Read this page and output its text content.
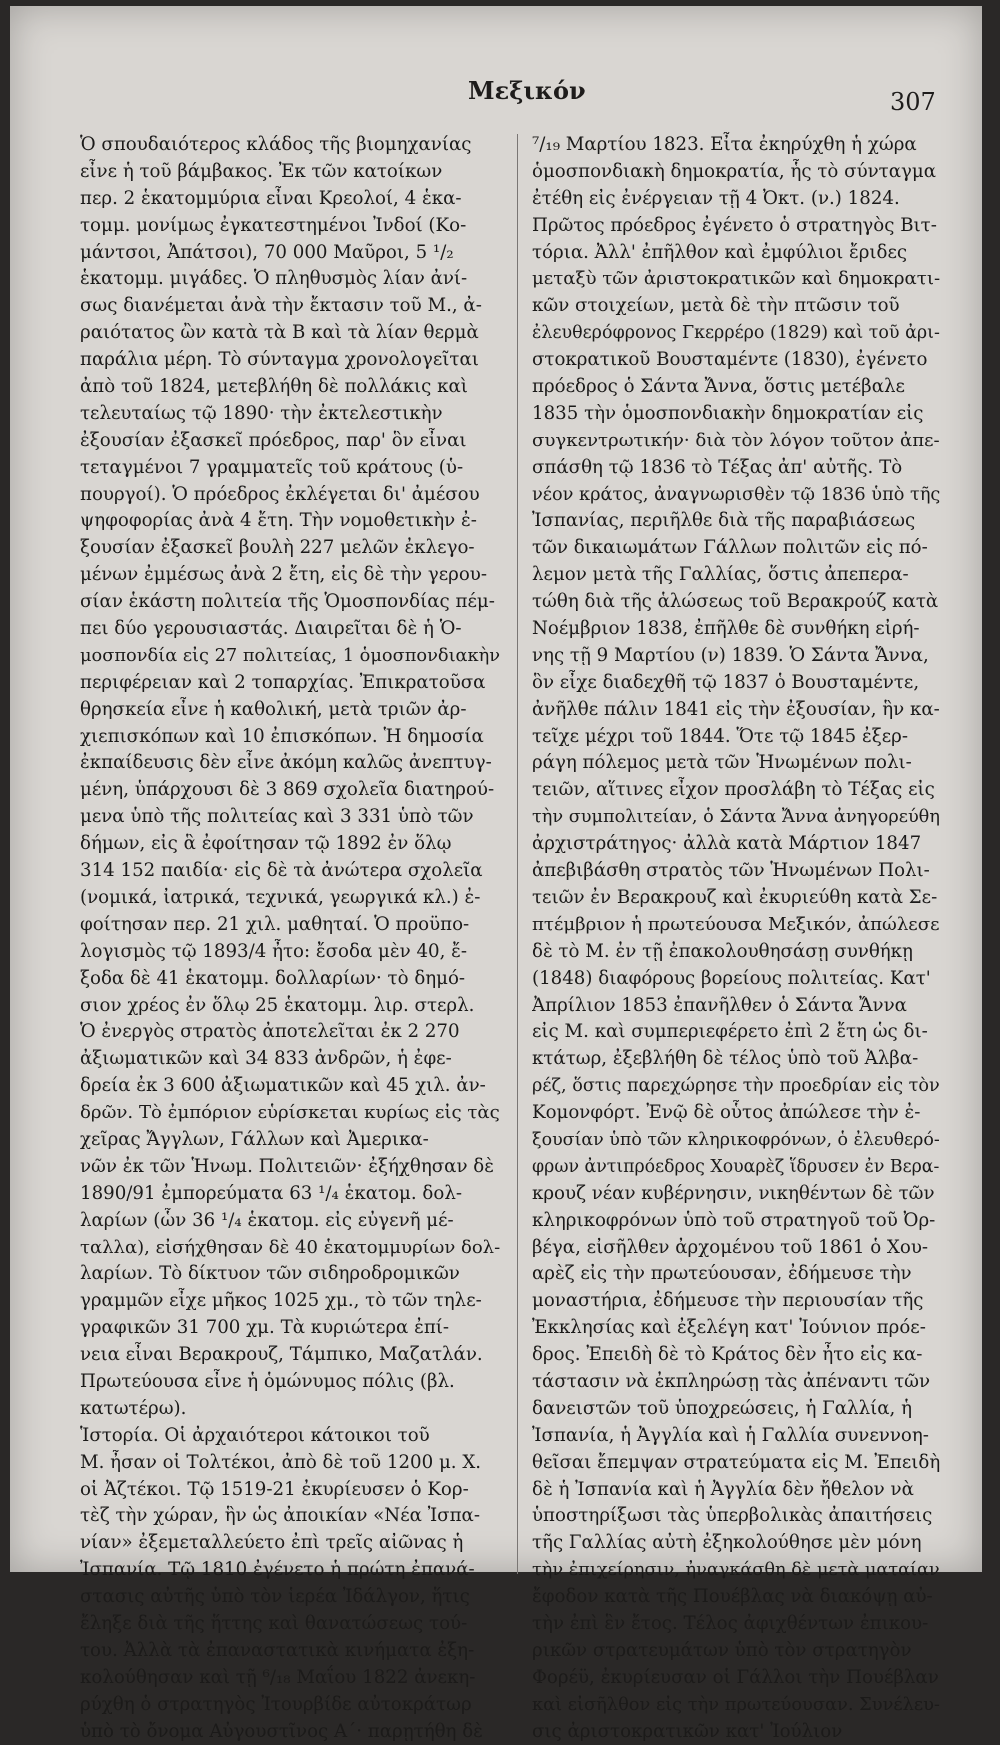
Μεξικόν	307
Ὁ σπουδαιότερος κλάδος τῆς βιομηχανίας
εἶνε ἡ τοῦ βάμβακος. Ἐκ τῶν κατοίκων
περ. 2 ἑκατομμύρια εἶναι Κρεολοί, 4 ἑκα-
τομμ. μονίμως ἐγκατεστημένοι Ἰνδοί (Κο-
μάντσοι, Ἀπάτσοι), 70 000 Μαῦροι, 5 ¹/₂
ἑκατομμ. μιγάδες. Ὁ πληθυσμὸς λίαν ἀνί-
σως διανέμεται ἀνὰ τὴν ἔκτασιν τοῦ Μ., ἀ-
ραιότατος ὢν κατὰ τὰ Β καὶ τὰ λίαν θερμὰ
παράλια μέρη. Τὸ σύνταγμα χρονολογεῖται
ἀπὸ τοῦ 1824, μετεβλήθη δὲ πολλάκις καὶ
τελευταίως τῷ 1890· τὴν ἐκτελεστικὴν
ἐξουσίαν ἐξασκεῖ πρόεδρος, παρ' ὃν εἶναι
τεταγμένοι 7 γραμματεῖς τοῦ κράτους (ὑ-
πουργοί). Ὁ πρόεδρος ἐκλέγεται δι' ἀμέσου
ψηφοφορίας ἀνὰ 4 ἔτη. Τὴν νομοθετικὴν ἐ-
ξουσίαν ἐξασκεῖ βουλὴ 227 μελῶν ἐκλεγο-
μένων ἐμμέσως ἀνὰ 2 ἔτη, εἰς δὲ τὴν γερου-
σίαν ἑκάστη πολιτεία τῆς Ὁμοσπονδίας πέμ-
πει δύο γερουσιαστάς. Διαιρεῖται δὲ ἡ Ὁ-
μοσπονδία εἰς 27 πολιτείας, 1 ὁμοσπονδιακὴν
περιφέρειαν καὶ 2 τοπαρχίας. Ἐπικρατοῦσα
θρησκεία εἶνε ἡ καθολική, μετὰ τριῶν ἀρ-
χιεπισκόπων καὶ 10 ἐπισκόπων. Ἡ δημοσία
ἐκπαίδευσις δὲν εἶνε ἀκόμη καλῶς ἀνεπτυγ-
μένη, ὑπάρχουσι δὲ 3 869 σχολεῖα διατηρού-
μενα ὑπὸ τῆς πολιτείας καὶ 3 331 ὑπὸ τῶν
δήμων, εἰς ἃ ἐφοίτησαν τῷ 1892 ἐν ὅλῳ
314 152 παιδία· εἰς δὲ τὰ ἀνώτερα σχολεῖα
(νομικά, ἰατρικά, τεχνικά, γεωργικά κλ.) ἐ-
φοίτησαν περ. 21 χιλ. μαθηταί. Ὁ προϋπο-
λογισμὸς τῷ 1893/4 ἦτο: ἔσοδα μὲν 40, ἔ-
ξοδα δὲ 41 ἑκατομμ. δολλαρίων· τὸ δημό-
σιον χρέος ἐν ὅλῳ 25 ἑκατομμ. λιρ. στερλ.
Ὁ ἐνεργὸς στρατὸς ἀποτελεῖται ἐκ 2 270
ἀξιωματικῶν καὶ 34 833 ἀνδρῶν, ἡ ἐφε-
δρεία ἐκ 3 600 ἀξιωματικῶν καὶ 45 χιλ. ἀν-
δρῶν. Τὸ ἐμπόριον εὑρίσκεται κυρίως εἰς τὰς
χεῖρας Ἄγγλων, Γάλλων καὶ Ἀμερικα-
νῶν ἐκ τῶν Ἡνωμ. Πολιτειῶν· ἐξήχθησαν δὲ
1890/91 ἐμπορεύματα 63 ¹/₄ ἑκατομ. δολ-
λαρίων (ὧν 36 ¹/₄ ἑκατομ. εἰς εὐγενῆ μέ-
ταλλα), εἰσήχθησαν δὲ 40 ἑκατομμυρίων δολ-
λαρίων. Τὸ δίκτυον τῶν σιδηροδρομικῶν
γραμμῶν εἶχε μῆκος 1025 χμ., τὸ τῶν τηλε-
γραφικῶν 31 700 χμ. Τὰ κυριώτερα ἐπί-
νεια εἶναι Βερακρουζ, Τάμπικο, Μαζατλάν.
Πρωτεύουσα εἶνε ἡ ὁμώνυμος πόλις (βλ.
κατωτέρω).
Ἱστορία. Οἱ ἀρχαιότεροι κάτοικοι τοῦ
Μ. ἦσαν οἱ Τολτέκοι, ἀπὸ δὲ τοῦ 1200 μ. Χ.
οἱ Ἀζτέκοι. Τῷ 1519-21 ἐκυρίευσεν ὁ Κορ-
τὲζ τὴν χώραν, ἣν ὡς ἀποικίαν «Νέα Ἰσπα-
νίαν» ἐξεμεταλλεύετο ἐπὶ τρεῖς αἰῶνας ἡ
Ἰσπανία. Τῷ 1810 ἐγένετο ἡ πρώτη ἐπανά-
στασις αὐτῆς ὑπὸ τὸν ἱερέα Ἰδάλγον, ἥτις
ἔληξε διὰ τῆς ἥττης καὶ θανατώσεως τού-
του. Ἀλλὰ τὰ ἐπαναστατικὰ κινήματα ἐξη-
κολούθησαν καὶ τῇ ⁶/₁₈ Μαΐου 1822 ἀνεκη-
ρύχθη ὁ στρατηγὸς Ἰτουρβίδε αὐτοκράτωρ
ὑπὸ τὸ ὄνομα Αὐγουστῖνος Α΄· παρῃτήθη δὲ
⁷/₁₉ Μαρτίου 1823. Εἶτα ἐκηρύχθη ἡ χώρα
ὁμοσπονδιακὴ δημοκρατία, ἧς τὸ σύνταγμα
ἐτέθη εἰς ἐνέργειαν τῇ 4 Ὀκτ. (ν.) 1824.
Πρῶτος πρόεδρος ἐγένετο ὁ στρατηγὸς Βιτ-
τόρια. Ἀλλ' ἐπῆλθον καὶ ἐμφύλιοι ἔριδες
μεταξὺ τῶν ἀριστοκρατικῶν καὶ δημοκρατι-
κῶν στοιχείων, μετὰ δὲ τὴν πτῶσιν τοῦ
ἐλευθερόφρονος Γκερρέρο (1829) καὶ τοῦ ἀρι-
στοκρατικοῦ Βουσταμέντε (1830), ἐγένετο
πρόεδρος ὁ Σάντα Ἄννα, ὅστις μετέβαλε
1835 τὴν ὁμοσπονδιακὴν δημοκρατίαν εἰς
συγκεντρωτικήν· διὰ τὸν λόγον τοῦτον ἀπε-
σπάσθη τῷ 1836 τὸ Τέξας ἀπ' αὐτῆς. Τὸ
νέον κράτος, ἀναγνωρισθὲν τῷ 1836 ὑπὸ τῆς
Ἰσπανίας, περιῆλθε διὰ τῆς παραβιάσεως
τῶν δικαιωμάτων Γάλλων πολιτῶν εἰς πό-
λεμον μετὰ τῆς Γαλλίας, ὅστις ἀπεπερα-
τώθη διὰ τῆς ἁλώσεως τοῦ Βερακρούζ κατὰ
Νοέμβριον 1838, ἐπῆλθε δὲ συνθήκη εἰρή-
νης τῇ 9 Μαρτίου (ν) 1839. Ὁ Σάντα Ἄννα,
ὃν εἶχε διαδεχθῆ τῷ 1837 ὁ Βουσταμέντε,
ἀνῆλθε πάλιν 1841 εἰς τὴν ἐξουσίαν, ἣν κα-
τεῖχε μέχρι τοῦ 1844. Ὅτε τῷ 1845 ἐξερ-
ράγη πόλεμος μετὰ τῶν Ἡνωμένων πολι-
τειῶν, αἵτινες εἶχον προσλάβη τὸ Τέξας εἰς
τὴν συμπολιτείαν, ὁ Σάντα Ἄννα ἀνηγορεύθη
ἀρχιστράτηγος· ἀλλὰ κατὰ Μάρτιον 1847
ἀπεβιβάσθη στρατὸς τῶν Ἡνωμένων Πολι-
τειῶν ἐν Βερακρουζ καὶ ἐκυριεύθη κατὰ Σε-
πτέμβριον ἡ πρωτεύουσα Μεξικόν, ἀπώλεσε
δὲ τὸ Μ. ἐν τῇ ἐπακολουθησάσῃ συνθήκῃ
(1848) διαφόρους βορείους πολιτείας. Κατ'
Ἀπρίλιον 1853 ἐπανῆλθεν ὁ Σάντα Ἄννα
εἰς Μ. καὶ συμπεριεφέρετο ἐπὶ 2 ἔτη ὡς δι-
κτάτωρ, ἐξεβλήθη δὲ τέλος ὑπὸ τοῦ Ἀλβα-
ρέζ, ὅστις παρεχώρησε τὴν προεδρίαν εἰς τὸν
Κομονφόρτ. Ἐνῷ δὲ οὗτος ἀπώλεσε τὴν ἐ-
ξουσίαν ὑπὸ τῶν κληρικοφρόνων, ὁ ἐλευθερό-
φρων ἀντιπρόεδρος Χουαρὲζ ἵδρυσεν ἐν Βερα-
κρουζ νέαν κυβέρνησιν, νικηθέντων δὲ τῶν
κληρικοφρόνων ὑπὸ τοῦ στρατηγοῦ τοῦ Ὀρ-
βέγα, εἰσῆλθεν ἀρχομένου τοῦ 1861 ὁ Χου-
αρὲζ εἰς τὴν πρωτεύουσαν, ἐδήμευσε τὴν
μοναστήρια, ἐδήμευσε τὴν περιουσίαν τῆς
Ἐκκλησίας καὶ ἐξελέγη κατ' Ἰούνιον πρόε-
δρος. Ἐπειδὴ δὲ τὸ Κράτος δὲν ἦτο εἰς κα-
τάστασιν νὰ ἐκπληρώσῃ τὰς ἀπέναντι τῶν
δανειστῶν τοῦ ὑποχρεώσεις, ἡ Γαλλία, ἡ
Ἰσπανία, ἡ Ἀγγλία καὶ ἡ Γαλλία συνεννοη-
θεῖσαι ἔπεμψαν στρατεύματα εἰς Μ. Ἐπειδὴ
δὲ ἡ Ἰσπανία καὶ ἡ Ἀγγλία δὲν ἤθελον νὰ
ὑποστηρίξωσι τὰς ὑπερβολικὰς ἀπαιτήσεις
τῆς Γαλλίας αὐτὴ ἐξηκολούθησε μὲν μόνη
τὴν ἐπιχείρησιν, ἠναγκάσθη δὲ μετὰ ματαίαν
ἔφοδον κατὰ τῆς Πουέβλας νὰ διακόψῃ αὐ-
τὴν ἐπὶ ἓν ἔτος. Τέλος ἀφιχθέντων ἐπικου-
ρικῶν στρατευμάτων ὑπὸ τὸν στρατηγὸν
Φορέϋ, ἐκυρίευσαν οἱ Γάλλοι τὴν Πουέβλαν
καὶ εἰσῆλθον εἰς τὴν πρωτεύουσαν. Συνέλευ-
σις ἀριστοκρατικῶν κατ' Ἰούλιον
